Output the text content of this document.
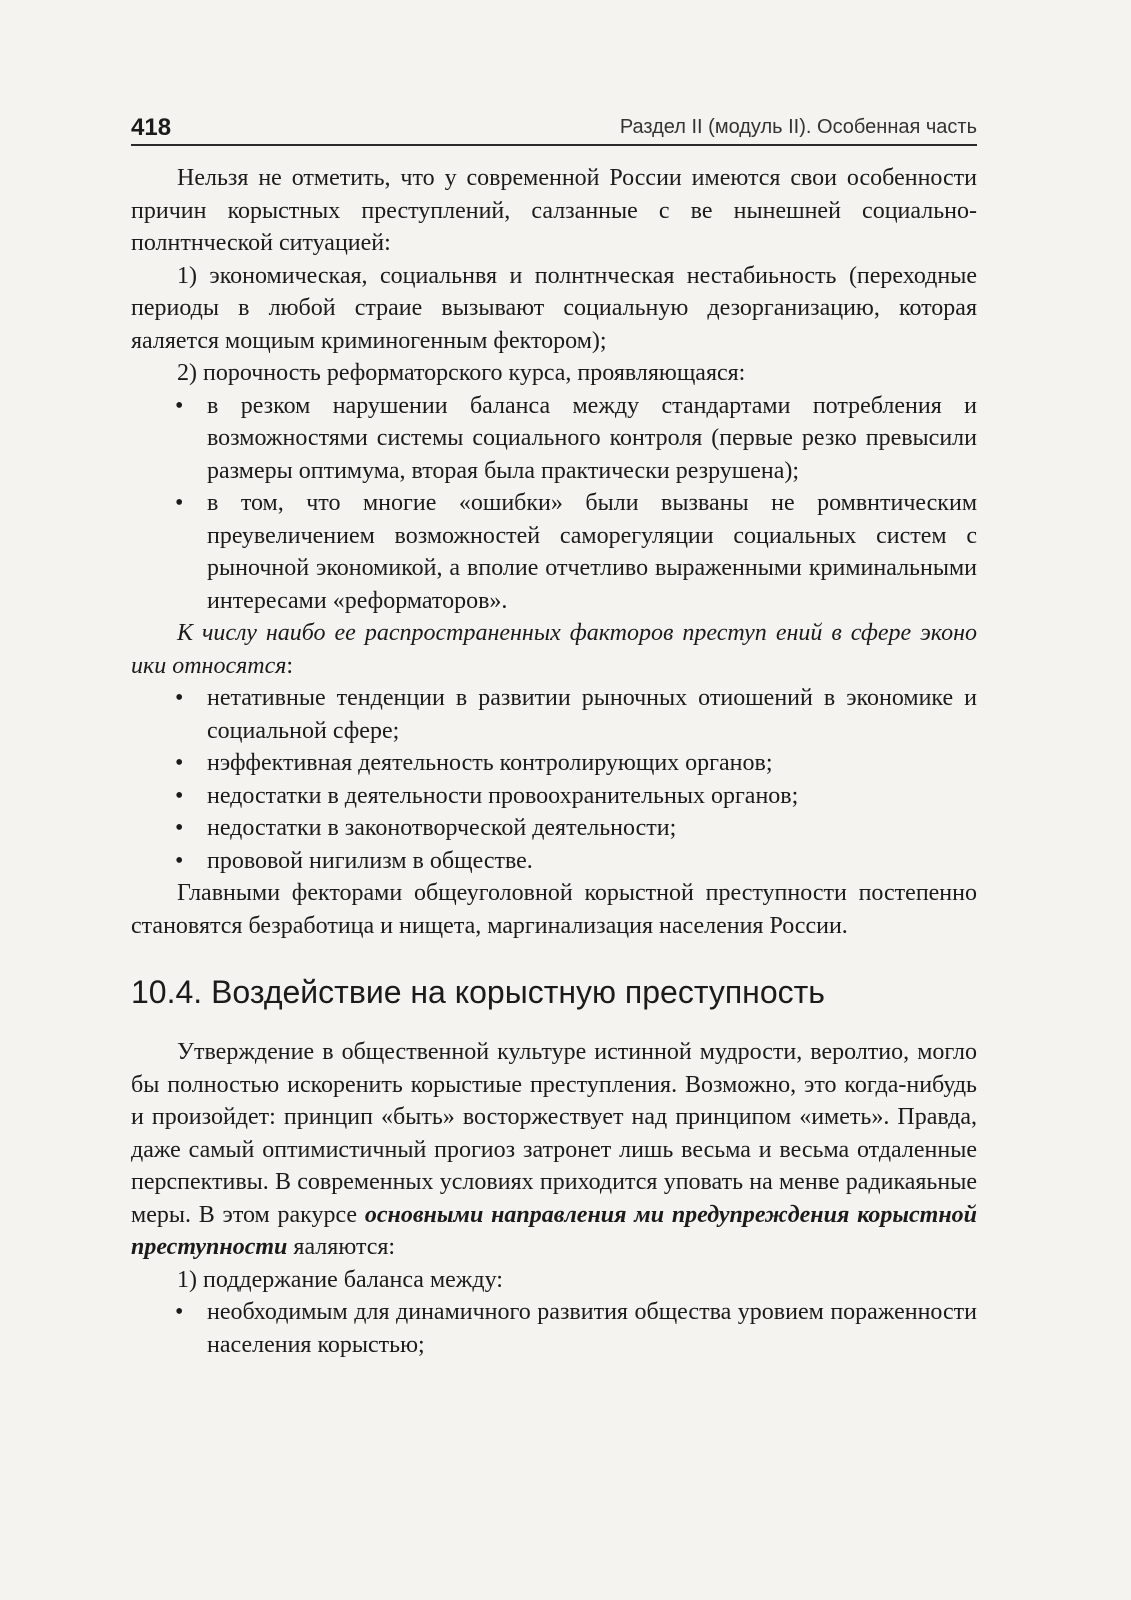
418	Раздел II (модуль II). Особенная часть

Нельзя не отметить, что у современной России имеются свои особенности причин корыстных преступлений, салзанные с ве нынешней социально-полнтнческой ситуацией:

1) экономическая, социальнвя и полнтнческая нестабиьность (переходные периоды в любой страие вызывают социальную дезорганизацию, которая яаляется мощиым криминогенным фектором);

2) порочность реформаторского курса, проявляющаяся:

• в резком нарушении баланса между стандартами потребления и возможностями системы социального контроля (первые резко превысили размеры оптимума, вторая была практически резрушена);
• в том, что многие «ошибки» были вызваны не ромвнтическим преувеличением возможностей саморегуляции социальных систем с рыночной экономикой, а вполие отчетливо выраженными криминальными интересами «реформаторов».

К числу наибо ее распространенных факторов преступ ений в сфере эконо ики относятся:

• нетативные тенденции в развитии рыночных отиошений в экономике и социальной сфере;
• нэффективная деятельность контролирующих органов;
• недостатки в деятельности провоохранительных органов;
• недостатки в законотворческой деятельности;
• прововой нигилизм в обществе.

Главными фекторами общеуголовной корыстной преступности постепенно становятся безработица и нищета, маргинализация населения России.

10.4. Воздействие на корыстную преступность

Утверждение в общественной культуре истинной мудрости, веролтио, могло бы полностью искоренить корыстиые преступления. Возможно, это когда-нибудь и произойдет: принцип «быть» восторжествует над принципом «иметь». Правда, даже самый оптимистичный прогиоз затронет лишь весьма и весьма отдаленные перспективы. В современных условиях приходится уповать на менве радикаяьные меры. В этом ракурсе основными направления ми предупреждения корыстной преступности яаляются:

1) поддержание баланса между:

• необходимым для динамичного развития общества уровием пораженности населения корыстью;
